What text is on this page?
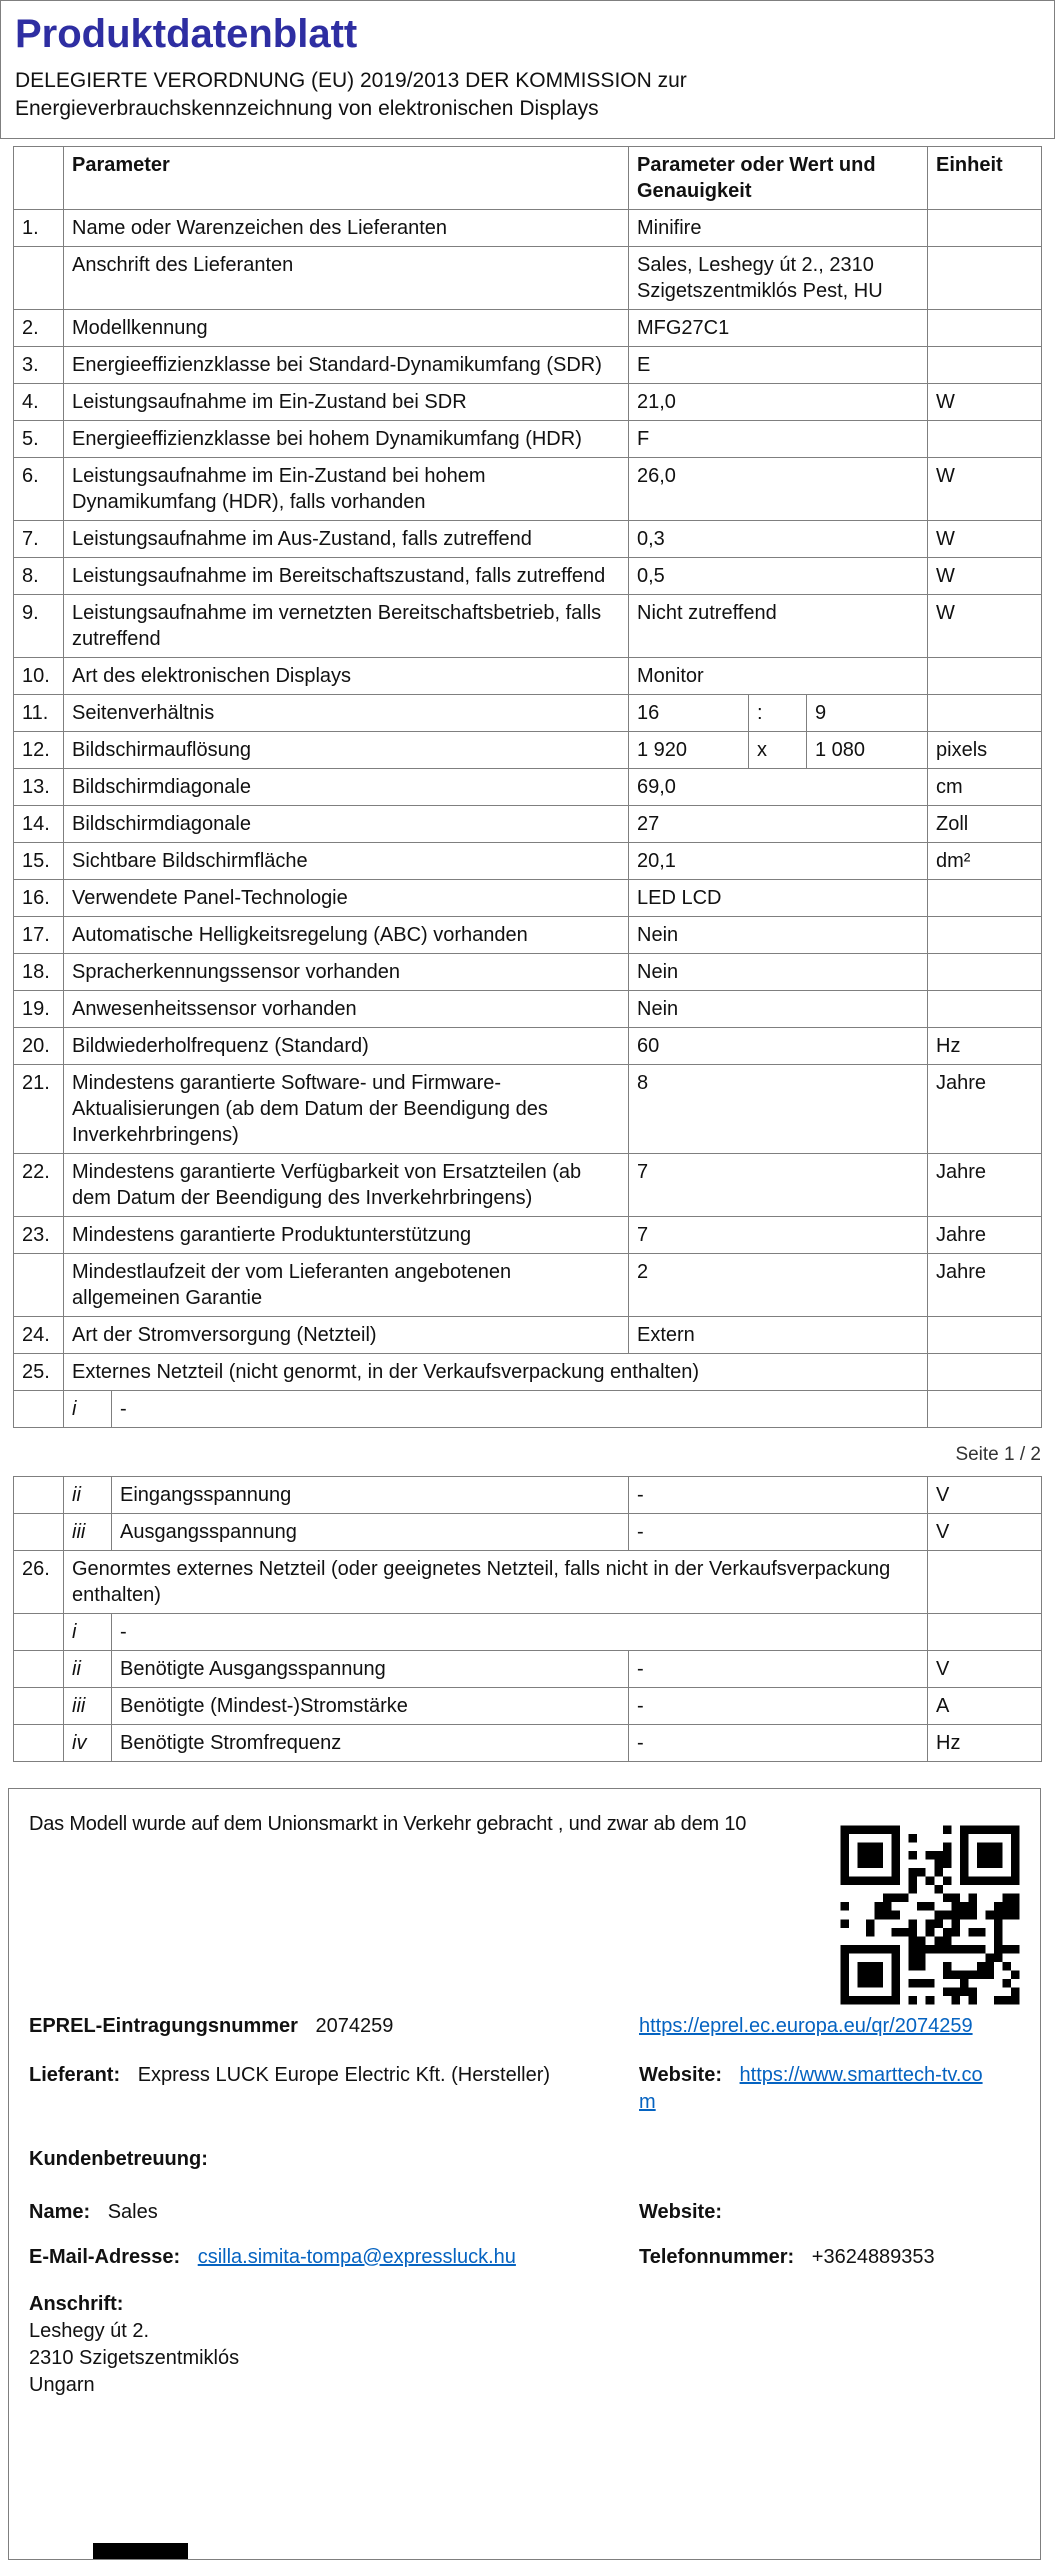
Produktdatenblatt
DELEGIERTE VERORDNUNG (EU) 2019/2013 DER KOMMISSION zur
Energieverbrauchskennzeichnung von elektronischen Displays
	Parameter		Parameter oder Wert und Genauigkeit			Einheit
1.	Name oder Warenzeichen des Lieferanten		Minifire			
	Anschrift des Lieferanten		Sales, Leshegy út 2., 2310 Szigetszentmiklós Pest, HU			
2.	Modellkennung		MFG27C1			
3.	Energieeffizienzklasse bei Standard-Dynamikumfang (SDR)		E			
4.	Leistungsaufnahme im Ein-Zustand bei SDR		21,0			W
5.	Energieeffizienzklasse bei hohem Dynamikumfang (HDR)		F			
6.	Leistungsaufnahme im Ein-Zustand bei hohem Dynamikumfang (HDR), falls vorhanden		26,0			W
7.	Leistungsaufnahme im Aus-Zustand, falls zutreffend		0,3			W
8.	Leistungsaufnahme im Bereitschaftszustand, falls zutreffend		0,5			W
9.	Leistungsaufnahme im vernetzten Bereitschaftsbetrieb, falls zutreffend		Nicht zutreffend			W
10.	Art des elektronischen Displays		Monitor			
11.	Seitenverhältnis		16	:	9	
12.	Bildschirmauflösung		1 920	x	1 080	pixels
13.	Bildschirmdiagonale		69,0			cm
14.	Bildschirmdiagonale		27			Zoll
15.	Sichtbare Bildschirmfläche		20,1			dm²
16.	Verwendete Panel-Technologie		LED LCD			
17.	Automatische Helligkeitsregelung (ABC) vorhanden		Nein			
18.	Spracherkennungssensor vorhanden		Nein			
19.	Anwesenheitssensor vorhanden		Nein			
20.	Bildwiederholfrequenz (Standard)		60			Hz
21.	Mindestens garantierte Software- und Firmware-Aktualisierungen (ab dem Datum der Beendigung des Inverkehrbringens)		8			Jahre
22.	Mindestens garantierte Verfügbarkeit von Ersatzteilen (ab dem Datum der Beendigung des Inverkehrbringens)		7			Jahre
23.	Mindestens garantierte Produktunterstützung		7			Jahre
	Mindestlaufzeit der vom Lieferanten angebotenen allgemeinen Garantie		2			Jahre
24.	Art der Stromversorgung (Netzteil)		Extern			
25.	Externes Netzteil (nicht genormt, in der Verkaufsverpackung enthalten)					
	i	-				
Seite 1 / 2
	ii	Eingangsspannung	-	V
	iii	Ausgangsspannung	-	V
26.	Genormtes externes Netzteil (oder geeignetes Netzteil, falls nicht in der Verkaufsverpackung enthalten)			
	i	-		
	ii	Benötigte Ausgangsspannung	-	V
	iii	Benötigte (Mindest-)Stromstärke	-	A
	iv	Benötigte Stromfrequenz	-	Hz
Das Modell wurde auf dem Unionsmarkt in Verkehr gebracht , und zwar ab dem 10
EPREL-Eintragungsnummer 2074259	https://eprel.ec.europa.eu/qr/2074259
Lieferant: Express LUCK Europe Electric Kft. (Hersteller)	Website: https://www.smarttech-tv.com
Kundenbetreuung:
Name: Sales	Website:
E-Mail-Adresse: csilla.simita-tompa@expressluck.hu	Telefonnummer: +3624889353
Anschrift:
Leshegy út 2.
2310 Szigetszentmiklós
Ungarn
